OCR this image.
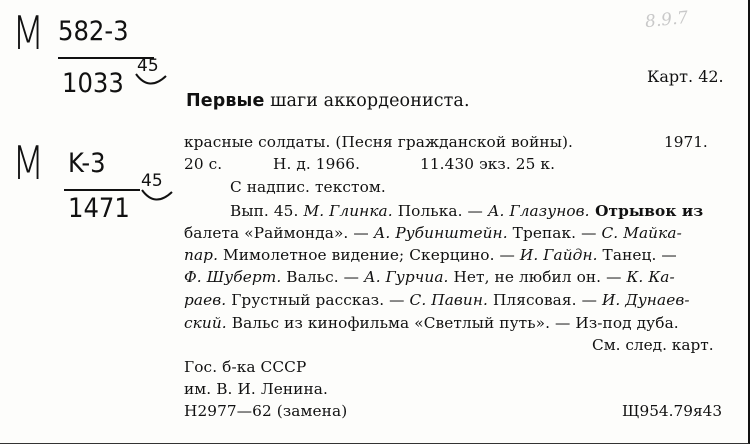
M 582-3
1033
45
M K-3
1471
45
8.9.7
Карт. 42.
Первые шаги аккордеониста.
красные солдаты. (Песня гражданской войны).	1971.
20 с.	Н. д. 1966.	11.430 экз. 25 к.
С надпис. текстом.
Вып. 45. М. Глинка. Полька. — А. Глазунов. Отрывок из
балета «Раймонда». — А. Рубинштейн. Трепак. — С. Майка-
пар. Мимолетное видение; Скерцино. — И. Гайдн. Танец. —
Ф. Шуберт. Вальс. — А. Гурчиа. Нет, не любил он. — К. Ка-
раев. Грустный рассказ. — С. Павин. Плясовая. — И. Дунаев-
ский. Вальс из кинофильма «Светлый путь». — Из-под дуба.
См. след. карт.
Гос. б-ка СССР
им. В. И. Ленина.
Н2977—62 (замена)	Щ954.79я43
